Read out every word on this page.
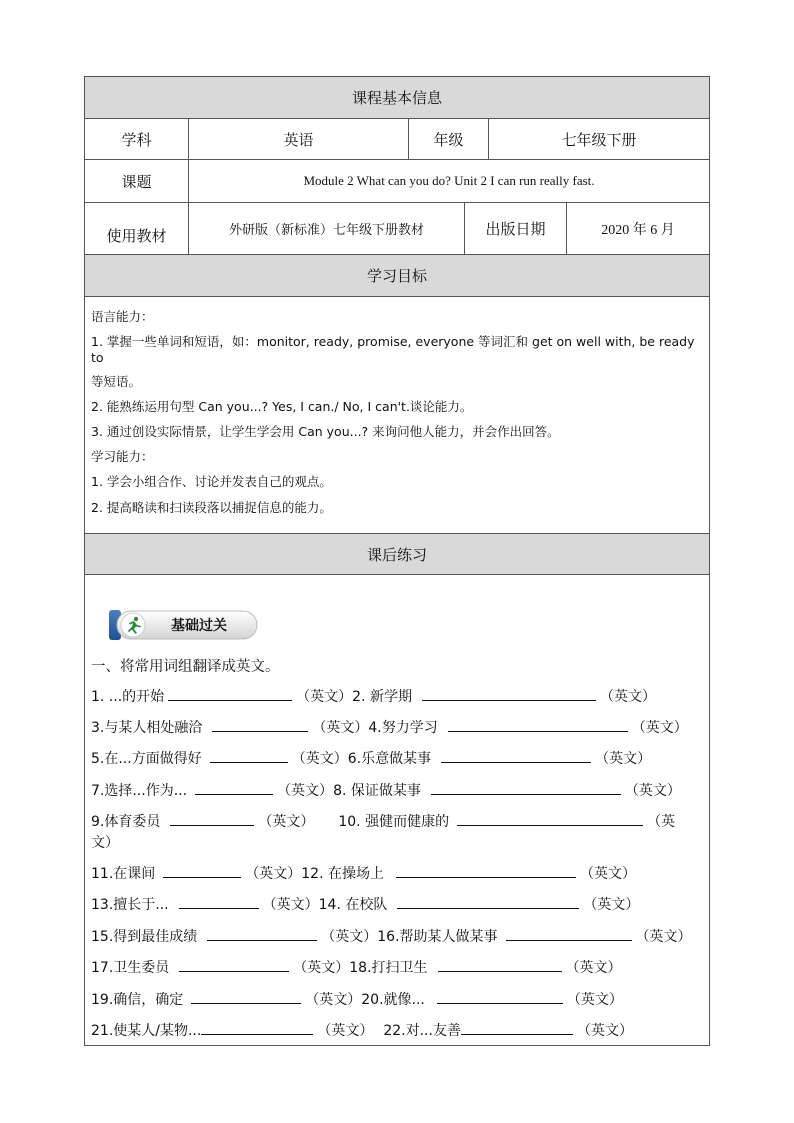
课程基本信息
学科	英语	年级	七年级下册
课题	Module 2 What can you do? Unit 2 I can run really fast.
使用教材	外研版（新标准）七年级下册教材	出版日期	2020 年 6 月
学习目标

语言能力：

1. 掌握一些单词和短语，如：monitor, ready, promise, everyone 等词汇和 get on well with, be ready to

等短语。

2. 能熟练运用句型 Can you...? Yes, I can./ No, I can't.谈论能力。

3. 通过创设实际情景，让学生学会用 Can you...? 来询问他人能力，并会作出回答。

学习能力：

1. 学会小组合作、讨论并发表自己的观点。

2. 提高略读和扫读段落以捕捉信息的能力。

课后练习
基础过关
一、将常用词组翻译成英文。
1. ...的开始	（英文）2. 新学期	（英文）
3.与某人相处融洽	（英文）4.努力学习	（英文）
5.在...方面做得好	（英文）6.乐意做某事	（英文）
7.选择...作为...	（英文）8. 保证做某事	（英文）
9.体育委员	（英文） 10. 强健而健康的	（英
文）
11.在课间	（英文）12. 在操场上	（英文）
13.擅长于...	（英文）14. 在校队	（英文）
15.得到最佳成绩	（英文）16.帮助某人做某事	（英文）
17.卫生委员	（英文）18.打扫卫生	（英文）
19.确信，确定	（英文）20.就像...	（英文）
21.使某人/某物...	（英文） 22.对...友善	（英文）
